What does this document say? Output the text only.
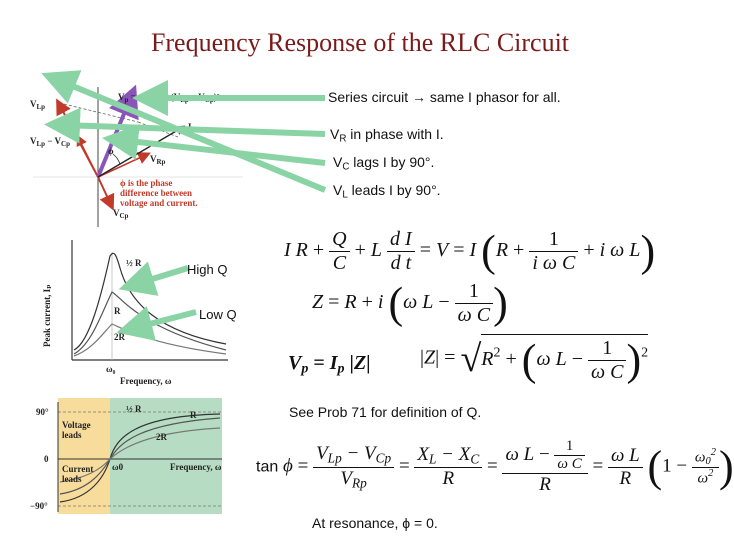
Frequency Response of the RLC Circuit
$V_{Lp}$
$V_{Lp} - V_{Cp}$
$V_p = √V^2_{Rp} + (V_{Lp} - V_{Cp})^2$
$I_p$
ϕ
$V_{Rp}$
$V_{Cp}$
ϕ is the phase
difference between
voltage and current.
½ R
R
2R
ω₀
Frequency, ω
Peak current, Iₚ
90°
0
−90°
Voltage
leads
Current
leads
½ R
R
2R
ω0	Frequency, ω
Series circuit → same I phasor for all.
$V_R$ in phase with I.
$V_C$ lags I by 90°.
$V_L$ leads I by 90°.
High Q
Low Q
See Prob 71 for definition of Q.
At resonance, ϕ = 0.
I $R + \frac{Q}{C} + L \frac{\text{d I}}{\text{d t}} = V = I$ ($R + \frac{1}{\text{i ω C}} + i$ ω L)
Z = R + i (ω $L - \frac{1}{\text{ω C}}$ )
$V_p = I_p$ |Z| $|Z| = √R^2 + (\omega$ $L - \frac{1}{\text{ω C}} )^2$
$\tan \phi = \frac{V_{Lp} - V_{Cp}}{V_{Rp}} = \frac{X_L - X_C}{R} = \frac{\omega L - \frac{1}{\text{ω C}}}{R} = \frac{\text{ω L}}{R} (1 - \frac{\omega_0^2}{\omega^2}$ )
